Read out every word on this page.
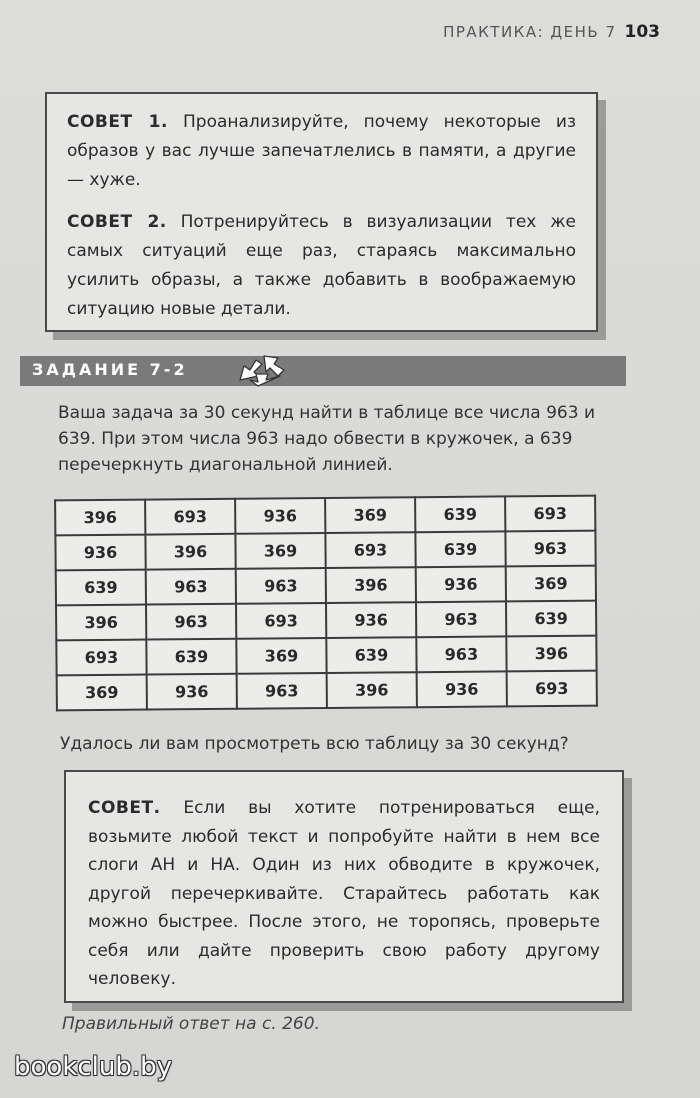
ПРАКТИКА: ДЕНЬ 7 103

СОВЕТ 1. Проанализируйте, почему некоторые из образов у вас лучше запечатлелись в памяти, а другие — хуже.

СОВЕТ 2. Потренируйтесь в визуализации тех же самых ситуаций еще раз, стараясь максимально усилить образы, а также добавить в воображаемую ситуацию новые детали.

ЗАДАНИЕ 7-2

Ваша задача за 30 секунд найти в таблице все числа 963 и 639. При этом числа 963 надо обвести в кружочек, а 639 перечеркнуть диагональной линией.

396	693	936	369	639	693
936	396	369	693	639	963
639	963	963	396	936	369
396	963	693	936	963	639
693	639	369	639	963	396
369	936	963	396	936	693

Удалось ли вам просмотреть всю таблицу за 30 секунд?

СОВЕТ. Если вы хотите потренироваться еще, возьмите любой текст и попробуйте найти в нем все слоги АН и НА. Один из них обводите в кружочек, другой перечеркивайте. Старайтесь работать как можно быстрее. После этого, не торопясь, проверьте себя или дайте проверить свою работу другому человеку.

Правильный ответ на с. 260.

bookclub.by
